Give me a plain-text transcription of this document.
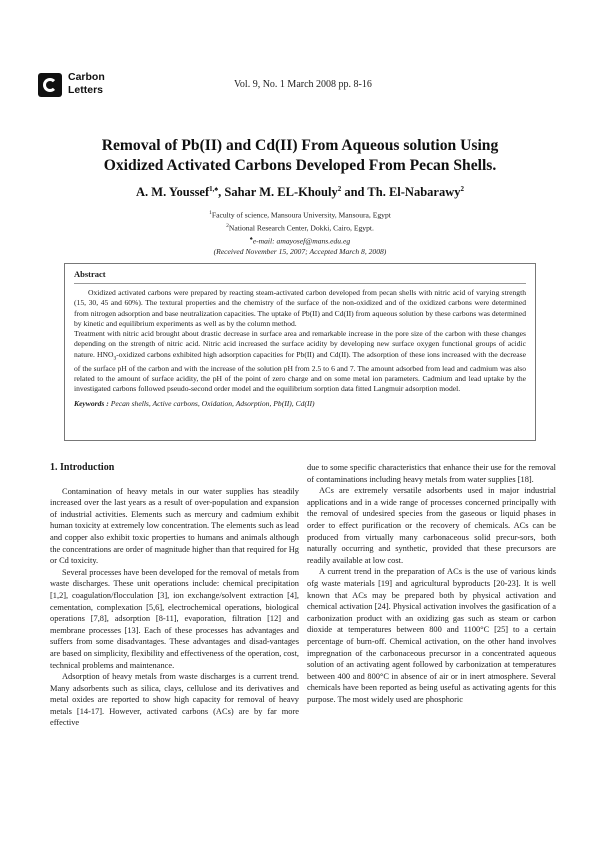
Carbon
Letters	Vol. 9, No. 1 March 2008 pp. 8-16
Removal of Pb(II) and Cd(II) From Aqueous solution Using
Oxidized Activated Carbons Developed From Pecan Shells.
A. M. Youssef$^{1,♠}$, Sahar M. EL-Khouly$^2$ and Th. El-Nabarawy$^2$
$^1$Faculty of science, Mansoura University, Mansoura, Egypt
$^2$National Research Center, Dokki, Cairo, Egypt.
♠e-mail: amayosef@mans.edu.eg
(Received November 15, 2007; Accepted March 8, 2008)
Abstract

Oxidized activated carbons were prepared by reacting steam-activated carbon developed from pecan shells with nitric acid of varying strength (15, 30, 45 and 60%). The textural properties and the chemistry of the surface of the non-oxidized and of the oxidized carbons were determined from nitrogen adsorption and base neutralization capacities. The uptake of Pb(II) and Cd(II) from aqueous solution by these carbons was determined by kinetic and equilibrium experiments as well as by the column method.

Treatment with nitric acid brought about drastic decrease in surface area and remarkable increase in the pore size of the carbon with these changes depending on the strength of nitric acid. Nitric acid increased the surface acidity by developing new surface oxygen functional groups of acidic nature. $HNO_3$-oxidized carbons exhibited high adsorption capacities for Pb(II) and Cd(II). The adsorption of these ions increased with the decrease of the surface pH of the carbon and with the increase of the solution pH from 2.5 to 6 and 7. The amount adsorbed from lead and cadmium was also related to the amount of surface acidity, the pH of the point of zero charge and on some metal ion parameters. Cadmium and lead uptake by the investigated carbons followed pseudo-second order model and the equilibrium sorption data fitted Langmuir adsorption model.

Keywords : Pecan shells, Active carbons, Oxidation, Adsorption, Pb(II), Cd(II)
1. Introduction

Contamination of heavy metals in our water supplies has steadily increased over the last years as a result of over-population and expansion of industrial activities. Elements such as mercury and cadmium exhibit human toxicity at extremely low concentration. The elements such as lead and copper also exhibit toxic properties to humans and animals although the concentrations are order of magnitude higher than that required for Hg or Cd toxicity.

Several processes have been developed for the removal of metals from waste discharges. These unit operations include: chemical precipitation [1,2], coagulation/flocculation [3], ion exchange/solvent extraction [4], cementation, complexation [5,6], electrochemical operations, biological operations [7,8], adsorption [8-11], evaporation, filtration [12] and membrane processes [13]. Each of these processes has advantages and suffers from some disadvantages. These advantages and disad-vantages are based on simplicity, flexibility and effectiveness of the operation, cost, technical problems and maintenance.

Adsorption of heavy metals from waste discharges is a current trend. Many adsorbents such as silica, clays, cellulose and its derivatives and metal oxides are reported to show high capacity for removal of heavy metals [14-17]. However, activated carbons (ACs) are by far more effective

due to some specific characteristics that enhance their use for the removal of contaminations including heavy metals from water supplies [18].

ACs are extremely versatile adsorbents used in major industrial applications and in a wide range of processes concerned principally with the removal of undesired species from the gaseous or liquid phases in order to effect purification or the recovery of chemicals. ACs can be produced from virtually many carbonaceous solid precur-sors, both naturally occurring and synthetic, provided that these precursors are readily available at low cost.

A current trend in the preparation of ACs is the use of various kinds ofg waste materials [19] and agricultural byproducts [20-23]. It is well known that ACs may be prepared both by physical activation and chemical activation [24]. Physical activation involves the gasification of a carbonization product with an oxidizing gas such as steam or carbon dioxide at temperatures between 800 and 1100°C [25] to a certain percentage of burn-off. Chemical activation, on the other hand involves impregnation of the carbonaceous precursor in a concentrated aqueous solution of an activating agent followed by carbonization at temperatures between 400 and 800°C in absence of air or in inert atmosphere. Several chemicals have been reported as being useful as activating agents for this purpose. The most widely used are phosphoric
